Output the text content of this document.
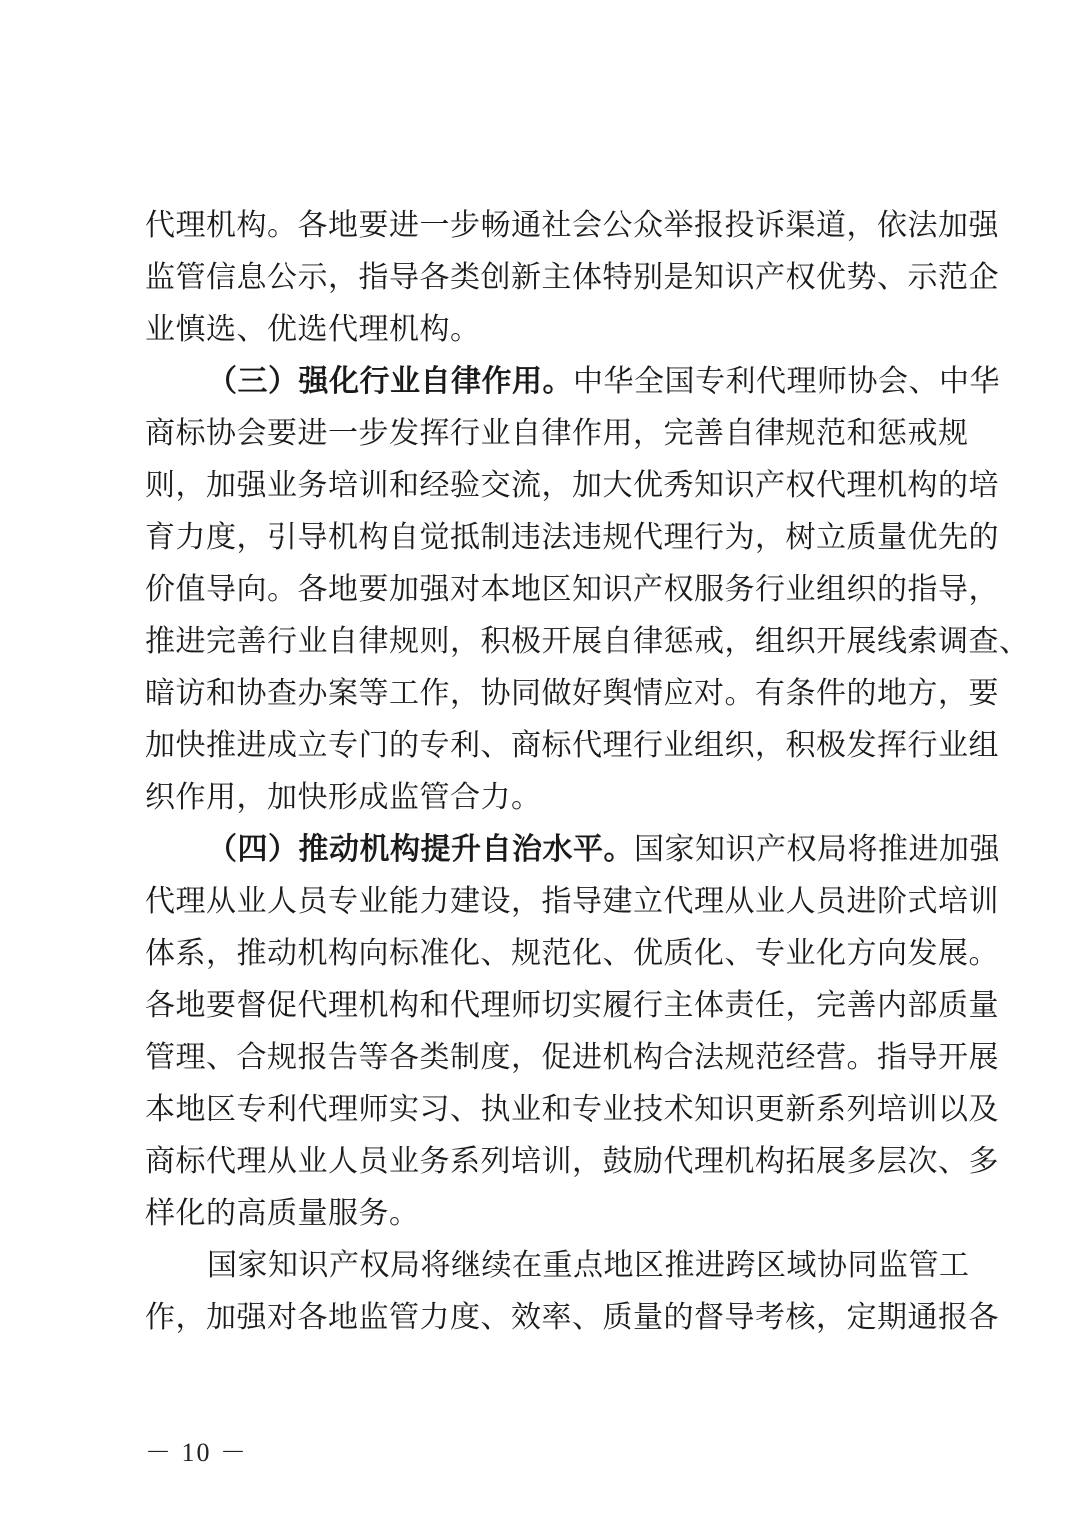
代理机构。各地要进一步畅通社会公众举报投诉渠道，依法加强
监管信息公示，指导各类创新主体特别是知识产权优势、示范企
业慎选、优选代理机构。
（三）强化行业自律作用。中华全国专利代理师协会、中华
商标协会要进一步发挥行业自律作用，完善自律规范和惩戒规
则，加强业务培训和经验交流，加大优秀知识产权代理机构的培
育力度，引导机构自觉抵制违法违规代理行为，树立质量优先的
价值导向。各地要加强对本地区知识产权服务行业组织的指导，
推进完善行业自律规则，积极开展自律惩戒，组织开展线索调查、
暗访和协查办案等工作，协同做好舆情应对。有条件的地方，要
加快推进成立专门的专利、商标代理行业组织，积极发挥行业组
织作用，加快形成监管合力。
（四）推动机构提升自治水平。国家知识产权局将推进加强
代理从业人员专业能力建设，指导建立代理从业人员进阶式培训
体系，推动机构向标准化、规范化、优质化、专业化方向发展。
各地要督促代理机构和代理师切实履行主体责任，完善内部质量
管理、合规报告等各类制度，促进机构合法规范经营。指导开展
本地区专利代理师实习、执业和专业技术知识更新系列培训以及
商标代理从业人员业务系列培训，鼓励代理机构拓展多层次、多
样化的高质量服务。
国家知识产权局将继续在重点地区推进跨区域协同监管工
作，加强对各地监管力度、效率、质量的督导考核，定期通报各
－ 10 －
